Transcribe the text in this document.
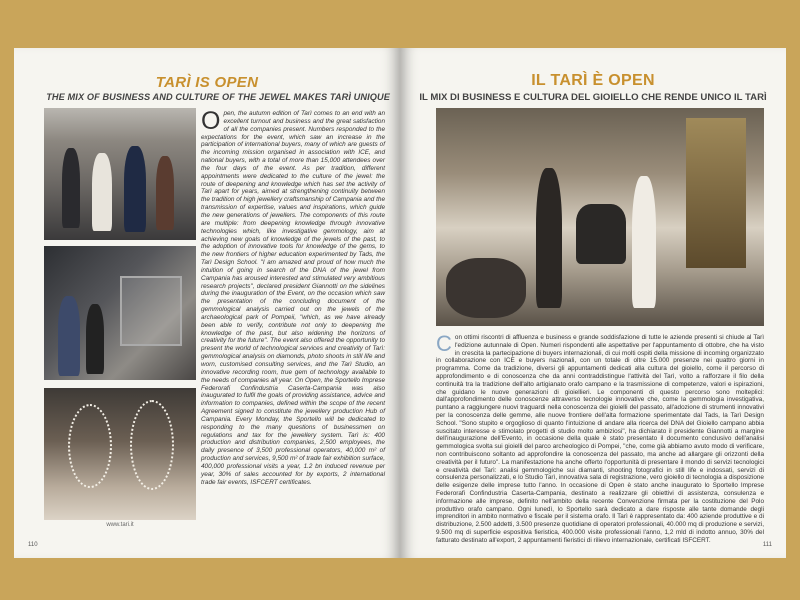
TARÌ IS OPEN
THE MIX OF BUSINESS AND CULTURE OF THE JEWEL MAKES TARÌ UNIQUE
www.tari.it
Open, the autumn edition of Tarì comes to an end with an excellent turnout and business and the great satisfaction of all the companies present. Numbers responded to the expectations for the event, which saw an increase in the participation of international buyers, many of which are guests of the incoming mission organised in association with ICE, and national buyers, with a total of more than 15,000 attendees over the four days of the event. As per tradition, different appointments were dedicated to the culture of the jewel: the route of deepening and knowledge which has set the activity of Tarì apart for years, aimed at strengthening continuity between the tradition of high jewellery craftsmanship of Campania and the transmission of expertise, values and inspirations, which guide the new generations of jewellers. The components of this route are multiple: from deepening knowledge through innovative technologies which, like investigative gemmology, aim at achieving new goals of knowledge of the jewels of the past, to the adoption of innovative tools for knowledge of the gems, to the new frontiers of higher education experimented by Tads, the Tarì Design School. "I am amazed and proud of how much the intuition of going in search of the DNA of the jewel from Campania has aroused interested and stimulated very ambitious research projects", declared president Giannotti on the sidelines during the inauguration of the Event, on the occasion which saw the presentation of the concluding document of the gemmological analysis carried out on the jewels of the archaeological park of Pompeii, "which, as we have already been able to verify, contribute not only to deepening the knowledge of the past, but also widening the horizons of creativity for the future". The event also offered the opportunity to present the world of technological services and creativity of Tarì: gemmological analysis on diamonds, photo shoots in still life and worn, customised consulting services, and the Tarì Studio, an innovative recording room, true gem of technology available to the needs of companies all year. On Open, the Sportello Imprese Federorafi Confindustria Caserta-Campania was also inaugurated to fulfil the goals of providing assistance, advice and information to companies, defined within the scope of the recent Agreement signed to constitute the jewellery production Hub of Campania. Every Monday, the Sportello will be dedicated to responding to the many questions of businessmen on regulations and tax for the jewellery system. Tarì is: 400 production and distribution companies, 2,500 employees, the daily presence of 3,500 professional operators, 40,000 m² of production and services, 9,500 m² of trade fair exhibition surface, 400,000 professional visits a year, 1.2 bn induced revenue per year, 30% of sales accounted for by exports, 2 international trade fair events, ISFCERT certificates.
110
IL TARÌ È OPEN
IL MIX DI BUSINESS E CULTURA DEL GIOIELLO CHE RENDE UNICO IL TARÌ
Con ottimi riscontri di affluenza e business e grande soddisfazione di tutte le aziende presenti si chiude al Tarì l'edizione autunnale di Open. Numeri rispondenti alle aspettative per l'appuntamento di ottobre, che ha visto in crescita la partecipazione di buyers internazionali, di cui molti ospiti della missione di incoming organizzato in collaborazione con ICE e buyers nazionali, con un totale di oltre 15.000 presenze nei quattro giorni in programma. Come da tradizione, diversi gli appuntamenti dedicati alla cultura del gioiello, come il percorso di approfondimento e di conoscenza che da anni contraddistingue l'attività del Tarì, volto a rafforzare il filo della continuità tra la tradizione dell'alto artigianato orafo campano e la trasmissione di competenze, valori e ispirazioni, che guidano le nuove generazioni di gioiellieri. Le componenti di questo percorso sono molteplici: dall'approfondimento delle conoscenze attraverso tecnologie innovative che, come la gemmologia investigativa, puntano a raggiungere nuovi traguardi nella conoscenza dei gioielli del passato, all'adozione di strumenti innovativi per la conoscenza delle gemme, alle nuove frontiere dell'alta formazione sperimentate dal Tads, la Tarì Design School. "Sono stupito e orgoglioso di quanto l'intuizione di andare alla ricerca del DNA del Gioiello campano abbia suscitato interesse e stimolato progetti di studio molto ambiziosi", ha dichiarato il presidente Giannotti a margine dell'inaugurazione dell'Evento, in occasione della quale è stato presentato il documento conclusivo dell'analisi gemmologica svolta sui gioielli del parco archeologico di Pompei, "che, come già abbiamo avuto modo di verificare, non contribuiscono soltanto ad approfondire la conoscenza del passato, ma anche ad allargare gli orizzonti della creatività per il futuro". La manifestazione ha anche offerto l'opportunità di presentare il mondo di servizi tecnologici e creatività del Tarì: analisi gemmologiche sui diamanti, shooting fotografici in still life e indossati, servizi di consulenza personalizzati, e lo Studio Tarì, innovativa sala di registrazione, vero gioiello di tecnologia a disposizione delle esigenze delle imprese tutto l'anno. In occasione di Open è stato anche inaugurato lo Sportello Imprese Federorafi Confindustria Caserta-Campania, destinato a realizzare gli obiettivi di assistenza, consulenza e informazione alle imprese, definito nell'ambito della recente Convenzione firmata per la costituzione del Polo produttivo orafo campano. Ogni lunedì, lo Sportello sarà dedicato a dare risposte alle tante domande degli imprenditori in ambito normativo e fiscale per il sistema orafo. Il Tarì è rappresentato da: 400 aziende produttive e di distribuzione, 2.500 addetti, 3.500 presenze quotidiane di operatori professionali, 40.000 mq di produzione e servizi, 9.500 mq di superficie espositiva fieristica, 400.000 visite professionali l'anno, 1,2 mld di indotto annuo, 30% del fatturato destinato all'export, 2 appuntamenti fieristici di rilievo internazionale, certificati ISFCERT.
111
